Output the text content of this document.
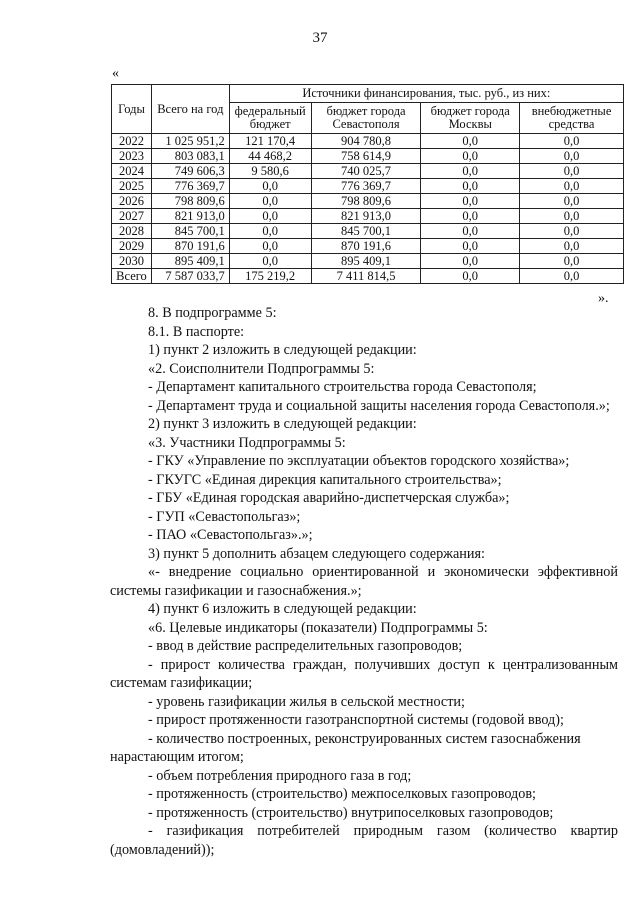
37
«
Годы	Всего на год	Источники финансирования, тыс. руб., из них:			
		федеральный бюджет	бюджет города Севастополя	бюджет города Москвы	внебюджетные средства
2022	1 025 951,2	121 170,4	904 780,8	0,0	0,0
2023	803 083,1	44 468,2	758 614,9	0,0	0,0
2024	749 606,3	9 580,6	740 025,7	0,0	0,0
2025	776 369,7	0,0	776 369,7	0,0	0,0
2026	798 809,6	0,0	798 809,6	0,0	0,0
2027	821 913,0	0,0	821 913,0	0,0	0,0
2028	845 700,1	0,0	845 700,1	0,0	0,0
2029	870 191,6	0,0	870 191,6	0,0	0,0
2030	895 409,1	0,0	895 409,1	0,0	0,0
Всего	7 587 033,7	175 219,2	7 411 814,5	0,0	0,0
».

8. В подпрограмме 5:

8.1. В паспорте:

1) пункт 2 изложить в следующей редакции:

«2. Соисполнители Подпрограммы 5:

- Департамент капитального строительства города Севастополя;

- Департамент труда и социальной защиты населения города Севастополя.»;

2) пункт 3 изложить в следующей редакции:

«3. Участники Подпрограммы 5:

- ГКУ «Управление по эксплуатации объектов городского хозяйства»;

- ГКУГС «Единая дирекция капитального строительства»;

- ГБУ «Единая городская аварийно-диспетчерская служба»;

- ГУП «Севастопольгаз»;

- ПАО «Севастопольгаз».»;

3) пункт 5 дополнить абзацем следующего содержания:

«- внедрение социально ориентированной и экономически эффективной системы газификации и газоснабжения.»;

4) пункт 6 изложить в следующей редакции:

«6. Целевые индикаторы (показатели) Подпрограммы 5:

- ввод в действие распределительных газопроводов;

- прирост количества граждан, получивших доступ к централизованным системам газификации;

- уровень газификации жилья в сельской местности;

- прирост протяженности газотранспортной системы (годовой ввод);

- количество построенных, реконструированных систем газоснабжения нарастающим итогом;

- объем потребления природного газа в год;

- протяженность (строительство) межпоселковых газопроводов;

- протяженность (строительство) внутрипоселковых газопроводов;

- газификация потребителей природным газом (количество квартир (домовладений));
